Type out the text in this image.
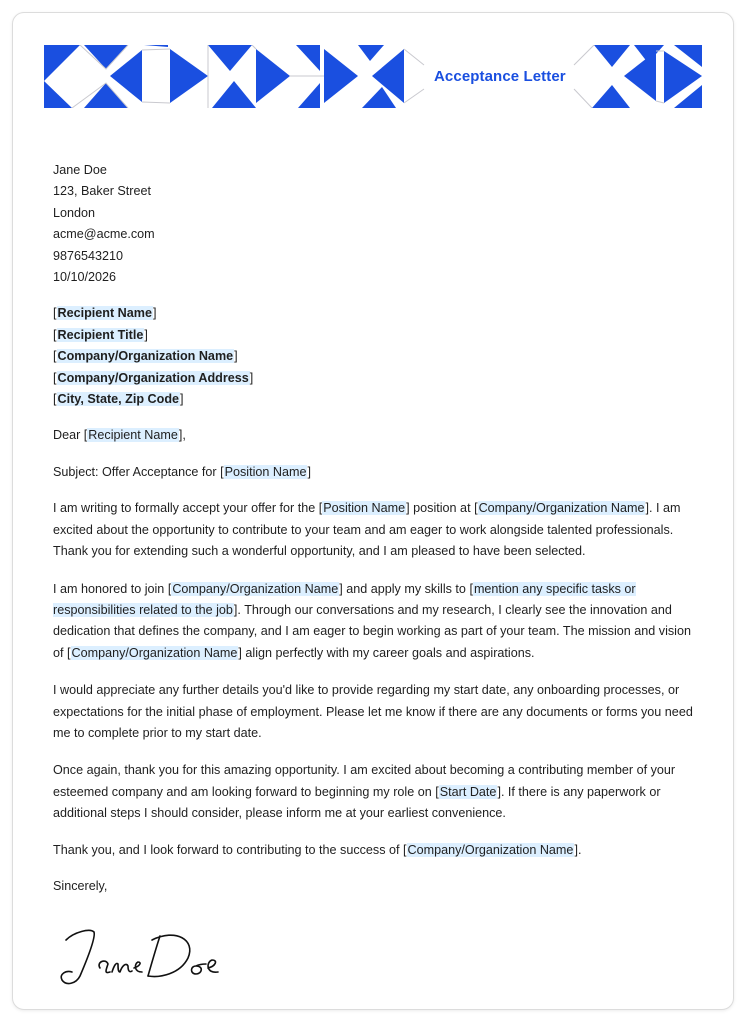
Acceptance Letter
Jane Doe
123, Baker Street
London
acme@acme.com
9876543210
10/10/2026
[Recipient Name]
[Recipient Title]
[Company/Organization Name]
[Company/Organization Address]
[City, State, Zip Code]

Dear [Recipient Name],

Subject: Offer Acceptance for [Position Name]

I am writing to formally accept your offer for the [Position Name] position at [Company/Organization Name]. I am excited about the opportunity to contribute to your team and am eager to work alongside talented professionals. Thank you for extending such a wonderful opportunity, and I am pleased to have been selected.

I am honored to join [Company/Organization Name] and apply my skills to [mention any specific tasks or responsibilities related to the job]. Through our conversations and my research, I clearly see the innovation and dedication that defines the company, and I am eager to begin working as part of your team. The mission and vision of [Company/Organization Name] align perfectly with my career goals and aspirations.

I would appreciate any further details you'd like to provide regarding my start date, any onboarding processes, or expectations for the initial phase of employment. Please let me know if there are any documents or forms you need me to complete prior to my start date.

Once again, thank you for this amazing opportunity. I am excited about becoming a contributing member of your esteemed company and am looking forward to beginning my role on [Start Date]. If there is any paperwork or additional steps I should consider, please inform me at your earliest convenience.

Thank you, and I look forward to contributing to the success of [Company/Organization Name].

Sincerely,
